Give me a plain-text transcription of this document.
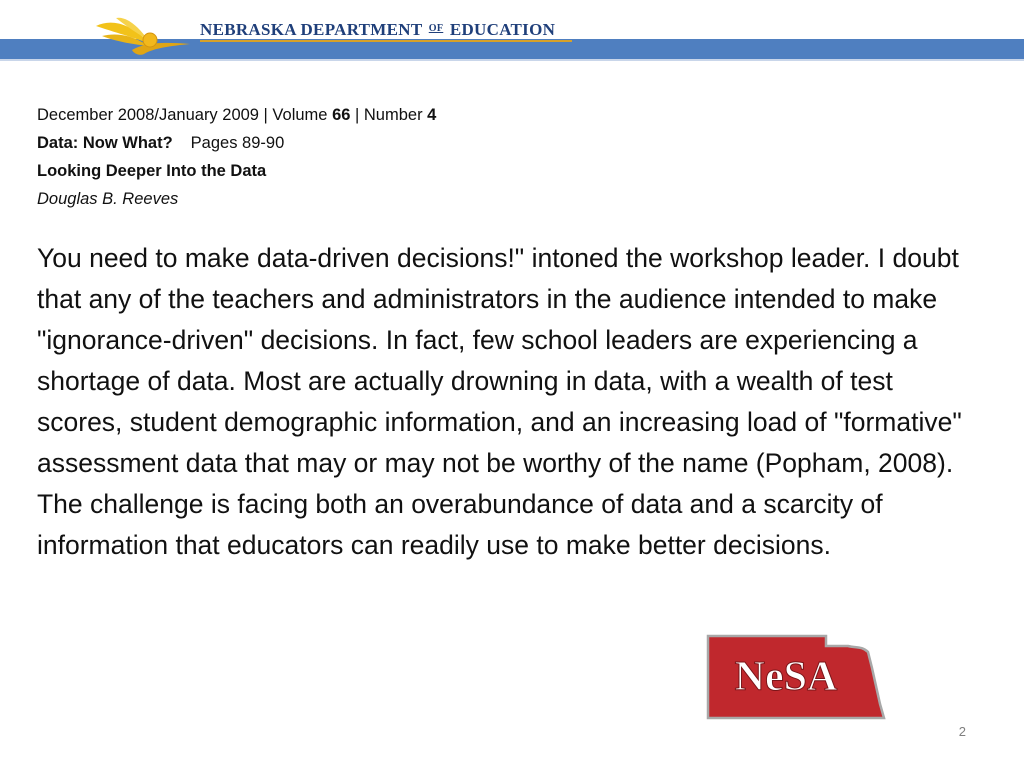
NEBRASKA DEPARTMENT $^{OF}$ EDUCATION
December 2008/January 2009 | Volume 66 | Number 4
Data: Now What? Pages 89-90
Looking Deeper Into the Data
Douglas B. Reeves
You need to make data-driven decisions!" intoned the workshop leader. I doubt that any of the teachers and administrators in the audience intended to make "ignorance-driven" decisions. In fact, few school leaders are experiencing a shortage of data. Most are actually drowning in data, with a wealth of test scores, student demographic information, and an increasing load of "formative" assessment data that may or may not be worthy of the name (Popham, 2008). The challenge is facing both an overabundance of data and a scarcity of information that educators can readily use to make better decisions.
NeSA
2
